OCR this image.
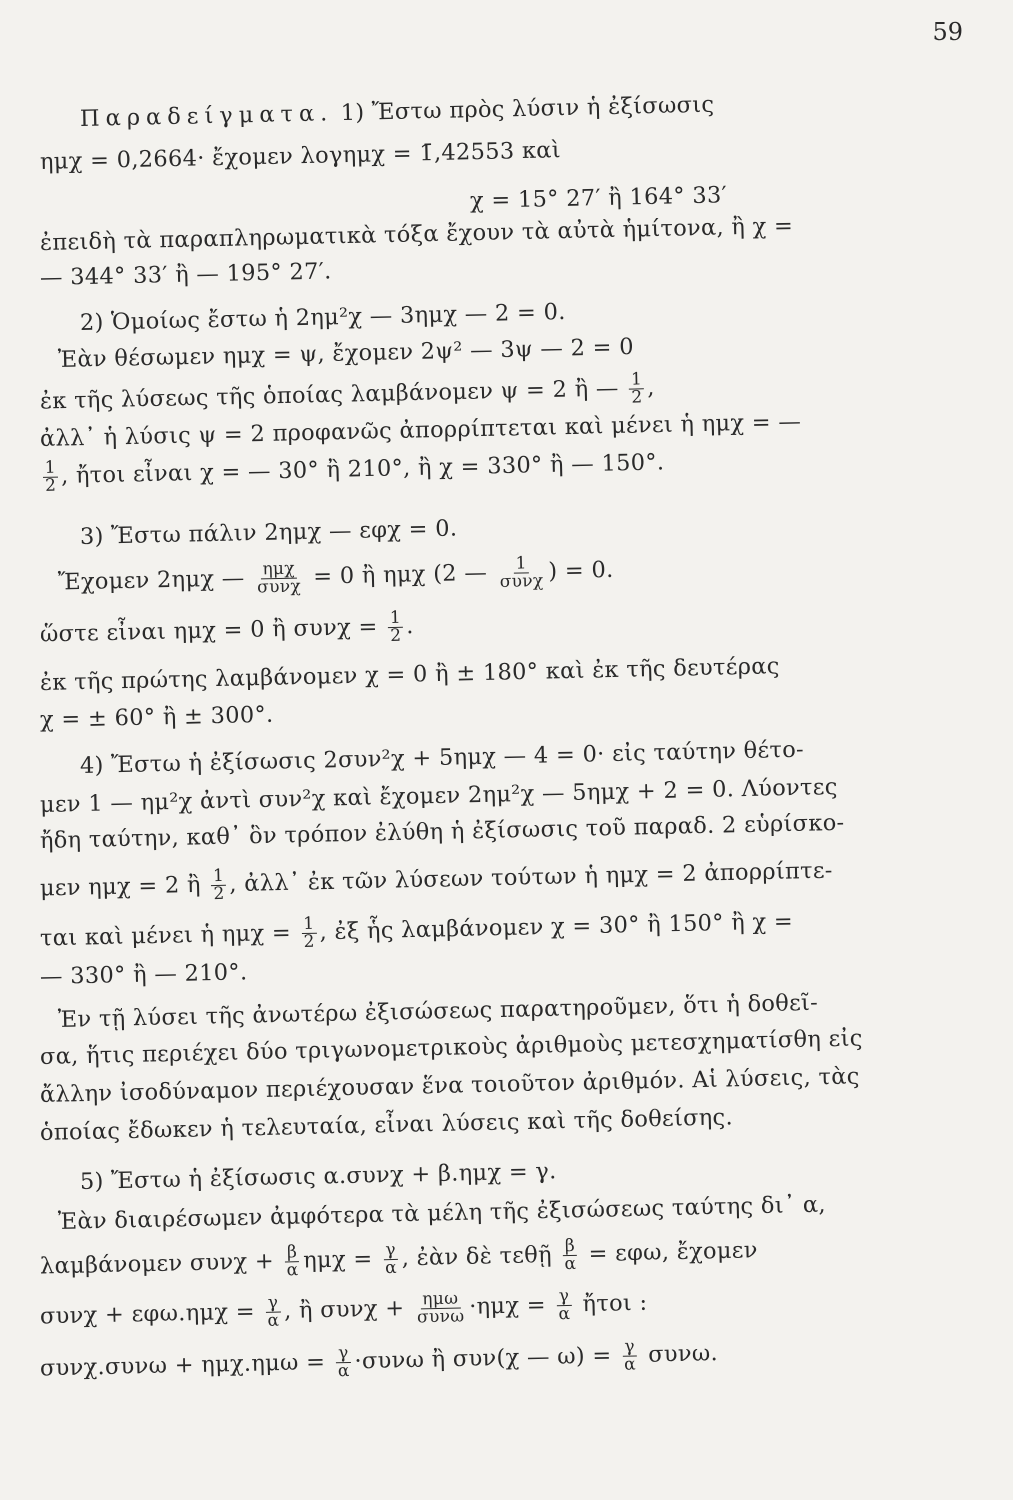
59
Παραδείγματα. 1) Ἔστω πρὸς λύσιν ἡ ἐξίσωσις
ημχ = 0,2664· ἔχομεν λογημχ = 1̄,42553 καὶ
χ = 15° 27′ ἢ 164° 33′
ἐπειδὴ τὰ παραπληρωματικὰ τόξα ἔχουν τὰ αὐτὰ ἡμίτονα, ἢ χ =
— 344° 33′ ἢ — 195° 27′.
2) Ὁμοίως ἔστω ἡ 2ημ²χ — 3ημχ — 2 = 0.
Ἐὰν θέσωμεν ημχ = ψ, ἔχομεν 2ψ² — 3ψ — 2 = 0
ἐκ τῆς λύσεως τῆς ὁποίας λαμβάνομεν ψ = 2 ἢ — $\frac{1}{2}$ ,
ἀλλ᾽ ἡ λύσις ψ = 2 προφανῶς ἀπορρίπτεται καὶ μένει ἡ ημχ = —
$\frac{1}{2}$ , ἤτοι εἶναι χ = — 30° ἢ 210°, ἢ χ = 330° ἢ — 150°.
3) Ἔστω πάλιν 2ημχ — εφχ = 0.
Ἔχομεν 2ημχ — $\frac{\text{ημχ}}{\text{συνχ}} = 0$ ἢ ημχ (2 — $\frac{1}{\text{συνχ}}$ ) = 0.
ὥστε εἶναι ημχ = 0 ἢ $\sigma\upsilon\nu\chi = \frac{1}{2}$ .
ἐκ τῆς πρώτης λαμβάνομεν χ = 0 ἢ ± 180° καὶ ἐκ τῆς δευτέρας
χ = ± 60° ἢ ± 300°.
4) Ἔστω ἡ ἐξίσωσις 2συν²χ + 5ημχ — 4 = 0· εἰς ταύτην θέτο-
μεν 1 — ημ²χ ἀντὶ συν²χ καὶ ἔχομεν 2ημ²χ — 5ημχ + 2 = 0. Λύοντες
ἤδη ταύτην, καθ᾽ ὃν τρόπον ἐλύθη ἡ ἐξίσωσις τοῦ παραδ. 2 εὑρίσκο-
μεν ημχ = 2 ἢ $\frac{1}{2}$ , ἀλλ᾽ ἐκ τῶν λύσεων τούτων ἡ ημχ = 2 ἀπορρίπτε-
ται καὶ μένει ἡ $\eta\mu\chi = \frac{1}{2}$ , ἐξ ἧς λαμβάνομεν χ = 30° ἢ 150° ἢ χ =
— 330° ἢ — 210°.
Ἐν τῇ λύσει τῆς ἀνωτέρω ἐξισώσεως παρατηροῦμεν, ὅτι ἡ δοθεῖ-
σα, ἥτις περιέχει δύο τριγωνομετρικοὺς ἀριθμοὺς μετεσχηματίσθη εἰς
ἄλλην ἰσοδύναμον περιέχουσαν ἕνα τοιοῦτον ἀριθμόν. Αἱ λύσεις, τὰς
ὁποίας ἔδωκεν ἡ τελευταία, εἶναι λύσεις καὶ τῆς δοθείσης.
5) Ἔστω ἡ ἐξίσωσις α.συνχ + β.ημχ = γ.
Ἐὰν διαιρέσωμεν ἀμφότερα τὰ μέλη τῆς ἐξισώσεως ταύτης δι᾽ α,
λαμβάνομεν $\sigma\upsilon\nu\chi + \frac{\beta}{\alpha}$ $\eta\mu\chi = \frac{\gamma}{\alpha}$ , ἐὰν δὲ τεθῇ $\frac{\beta}{\alpha} = \varepsilon\varphi\omega$, ἔχομεν
$\sigma\upsilon\nu\chi + \varepsilon\varphi\omega.\eta\mu\chi = \frac{\gamma}{\alpha}$ , ἢ $\sigma\upsilon\nu\chi + \frac{\text{ημω}}{\text{συνω}} \cdot\eta\mu\chi = \frac{\gamma}{\alpha}$ ἤτοι :
$\sigma\upsilon\nu\chi.\sigma\upsilon\nu\omega + \eta\mu\chi.\eta\mu\omega = \frac{\gamma}{\alpha} \cdot\sigma\upsilon\nu\omega$ ἢ συν(χ — $\omega) = \frac{\gamma}{\alpha} \sigma\upsilon\nu\omega$.
